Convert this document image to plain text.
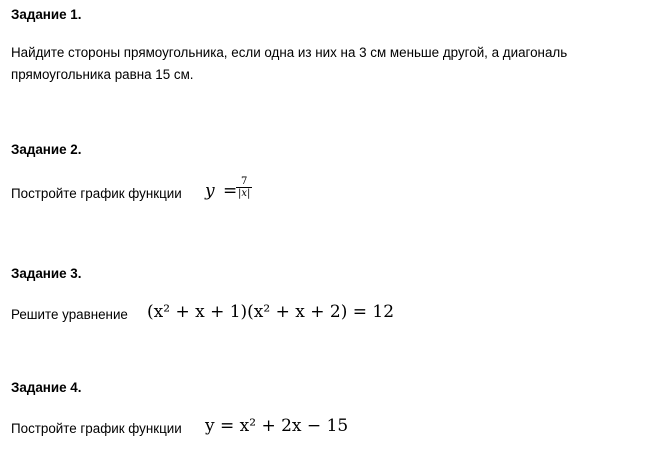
Задание 1.
Найдите стороны прямоугольника, если одна из них на 3 см меньше другой, а диагональ
прямоугольника равна 15 см.
Задание 2.
Постройте график функции y = 7
|x|
Задание 3.
Решите уравнение (x² + x + 1)(x² + x + 2) = 12
Задание 4.
Постройте график функции y = x² + 2x − 15
